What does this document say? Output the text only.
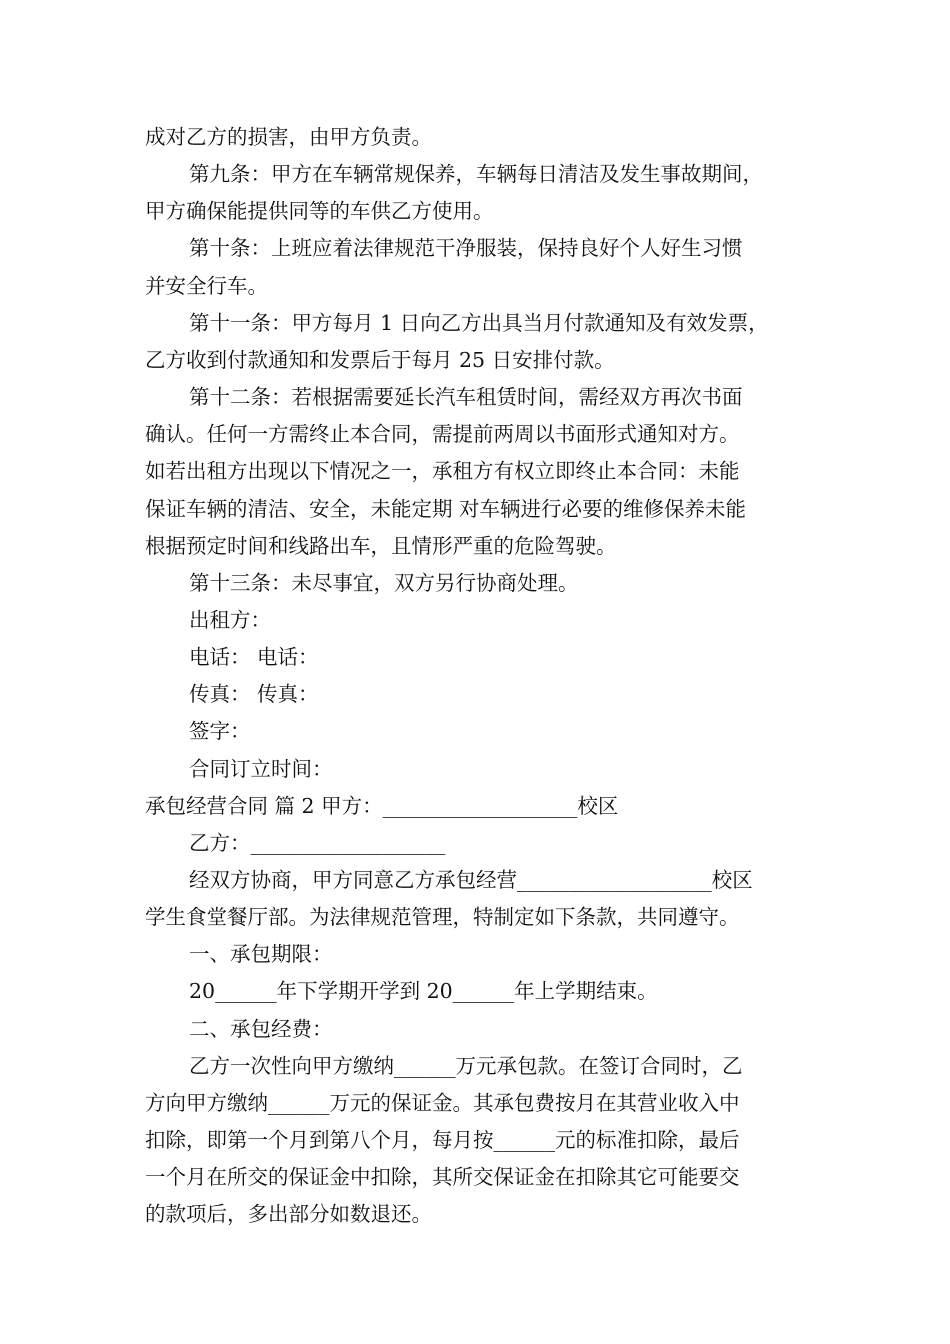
成对乙方的损害，由甲方负责。
第九条：甲方在车辆常规保养，车辆每日清洁及发生事故期间，
甲方确保能提供同等的车供乙方使用。
第十条：上班应着法律规范干净服装，保持良好个人好生习惯
并安全行车。
第十一条：甲方每月 1 日向乙方出具当月付款通知及有效发票，
乙方收到付款通知和发票后于每月 25 日安排付款。
第十二条：若根据需要延长汽车租赁时间，需经双方再次书面
确认。任何一方需终止本合同，需提前两周以书面形式通知对方。
如若出租方出现以下情况之一，承租方有权立即终止本合同：未能
保证车辆的清洁、安全，未能定期 对车辆进行必要的维修保养未能
根据预定时间和线路出车，且情形严重的危险驾驶。
第十三条：未尽事宜，双方另行协商处理。
出租方：
电话： 电话：
传真： 传真：
签字：
合同订立时间：
承包经营合同 篇 2 甲方：___________________校区
乙方：___________________
经双方协商，甲方同意乙方承包经营___________________校区
学生食堂餐厅部。为法律规范管理，特制定如下条款，共同遵守。
一、承包期限：
20______年下学期开学到 20______年上学期结束。
二、承包经费：
乙方一次性向甲方缴纳______万元承包款。在签订合同时，乙
方向甲方缴纳______万元的保证金。其承包费按月在其营业收入中
扣除，即第一个月到第八个月，每月按______元的标准扣除，最后
一个月在所交的保证金中扣除，其所交保证金在扣除其它可能要交
的款项后，多出部分如数退还。
